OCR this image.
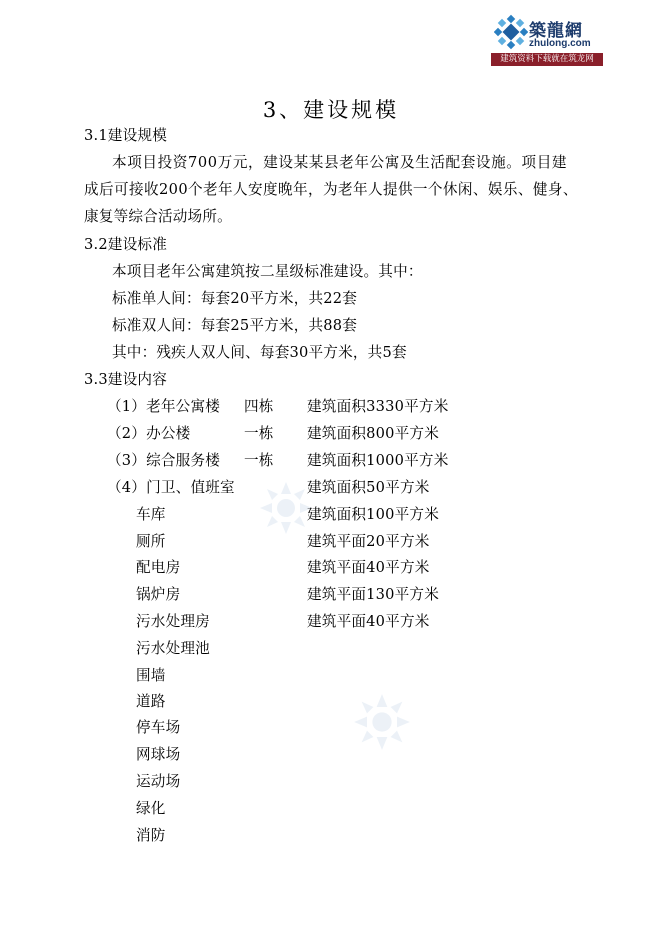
築龍網
zhulong.com
建筑资料下载就在筑龙网
3、建设规模
3.1建设规模
本项目投资700万元，建设某某县老年公寓及生活配套设施。项目建
成后可接收200个老年人安度晚年，为老年人提供一个休闲、娱乐、健身、
康复等综合活动场所。
3.2建设标准
本项目老年公寓建筑按二星级标准建设。其中：
标准单人间：每套20平方米，共22套
标准双人间：每套25平方米，共88套
其中：残疾人双人间、每套30平方米，共5套
3.3建设内容
（1）老年公寓楼 四栋 建筑面积3330平方米
（2）办公楼	一栋 建筑面积800平方米
（3）综合服务楼 一栋 建筑面积1000平方米
（4）门卫、值班室	建筑面积50平方米
车库	建筑面积100平方米
厕所	建筑平面20平方米
配电房	建筑平面40平方米
锅炉房	建筑平面130平方米
污水处理房	建筑平面40平方米
污水处理池
围墙
道路
停车场
网球场
运动场
绿化
消防
